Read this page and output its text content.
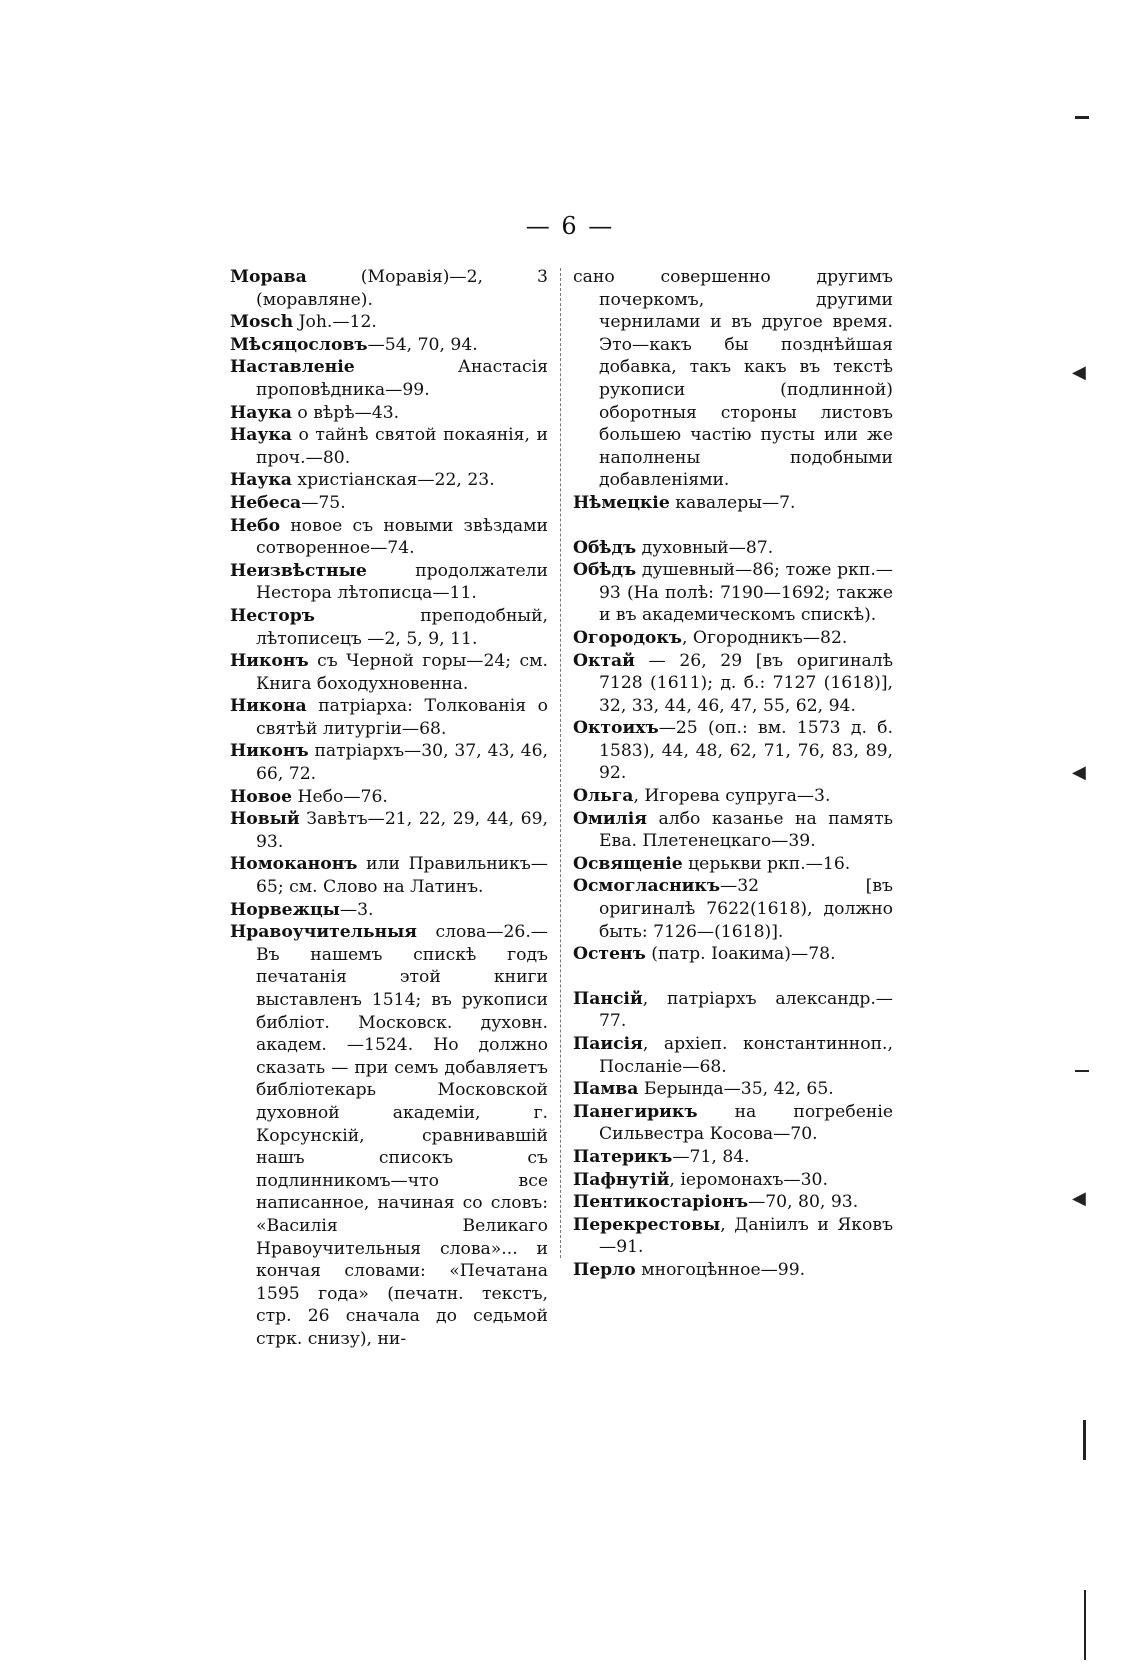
— 6 —

Морава (Моравія)—2, 3 (моравляне).

Mosch Joh.—12.

Мѣсяцословъ—54, 70, 94.

Наставленіе Анастасія проповѣдника—99.

Наука о вѣрѣ—43.

Наука о тайнѣ святой покаянія, и проч.—80.

Наука христіанская—22, 23.

Небеса—75.

Небо новое съ новыми звѣздами сотворенное—74.

Неизвѣстные продолжатели Нестора лѣтописца—11.

Несторъ преподобный, лѣтописецъ —2, 5, 9, 11.

Никонъ съ Черной горы—24; см. Книга боходухновенна.

Никона патріарха: Толкованія о святѣй литургіи—68.

Никонъ патріархъ—30, 37, 43, 46, 66, 72.

Новое Небо—76.

Новый Завѣтъ—21, 22, 29, 44, 69, 93.

Номоканонъ или Правильникъ—65; см. Слово на Латинъ.

Норвежцы—3.

Нравоучительныя слова—26.—Въ нашемъ спискѣ годъ печатанія этой книги выставленъ 1514; въ рукописи библіот. Московск. духовн. академ. —1524. Но должно сказать — при семъ добавляетъ библіотекарь Московской духовной академіи, г. Корсунскій, сравнивавшій нашъ списокъ съ подлинникомъ—что все написанное, начиная со словъ: «Василія Великаго Нравоучительныя слова»... и кончая словами: «Печатана 1595 года» (печатн. текстъ, стр. 26 сначала до седьмой стрк. снизу), ни-

сано совершенно другимъ почеркомъ, другими чернилами и въ другое время. Это—какъ бы позднѣйшая добавка, такъ какъ въ текстѣ рукописи (подлинной) оборотныя стороны листовъ большею частію пусты или же наполнены подобными добавленіями.

Нѣмецкіе кавалеры—7.

Обѣдъ духовный—87.

Обѣдъ душевный—86; тоже ркп.—93 (На полѣ: 7190—1692; также и въ академическомъ спискѣ).

Огородокъ, Огородникъ—82.

Октай — 26, 29 [въ оригиналѣ 7128 (1611); д. б.: 7127 (1618)], 32, 33, 44, 46, 47, 55, 62, 94.

Октоихъ—25 (оп.: вм. 1573 д. б. 1583), 44, 48, 62, 71, 76, 83, 89, 92.

Ольга, Игорева супруга—3.

Омилія албо казанье на память Ева. Плетенецкаго—39.

Освященіе церькви ркп.—16.

Осмогласникъ—32 [въ оригиналѣ 7622(1618), должно быть: 7126—(1618)].

Остенъ (патр. Іоакима)—78.

Пансій, патріархъ александр.—77.

Паисія, архіеп. константинноп., Посланіе—68.

Памва Берында—35, 42, 65.

Панегирикъ на погребеніе Сильвестра Косова—70.

Патерикъ—71, 84.

Пафнутій, іеромонахъ—30.

Пентикостаріонъ—70, 80, 93.

Перекрестовы, Даніилъ и Яковъ—91.

Перло многоцѣнное—99.

◀
◀
◀
